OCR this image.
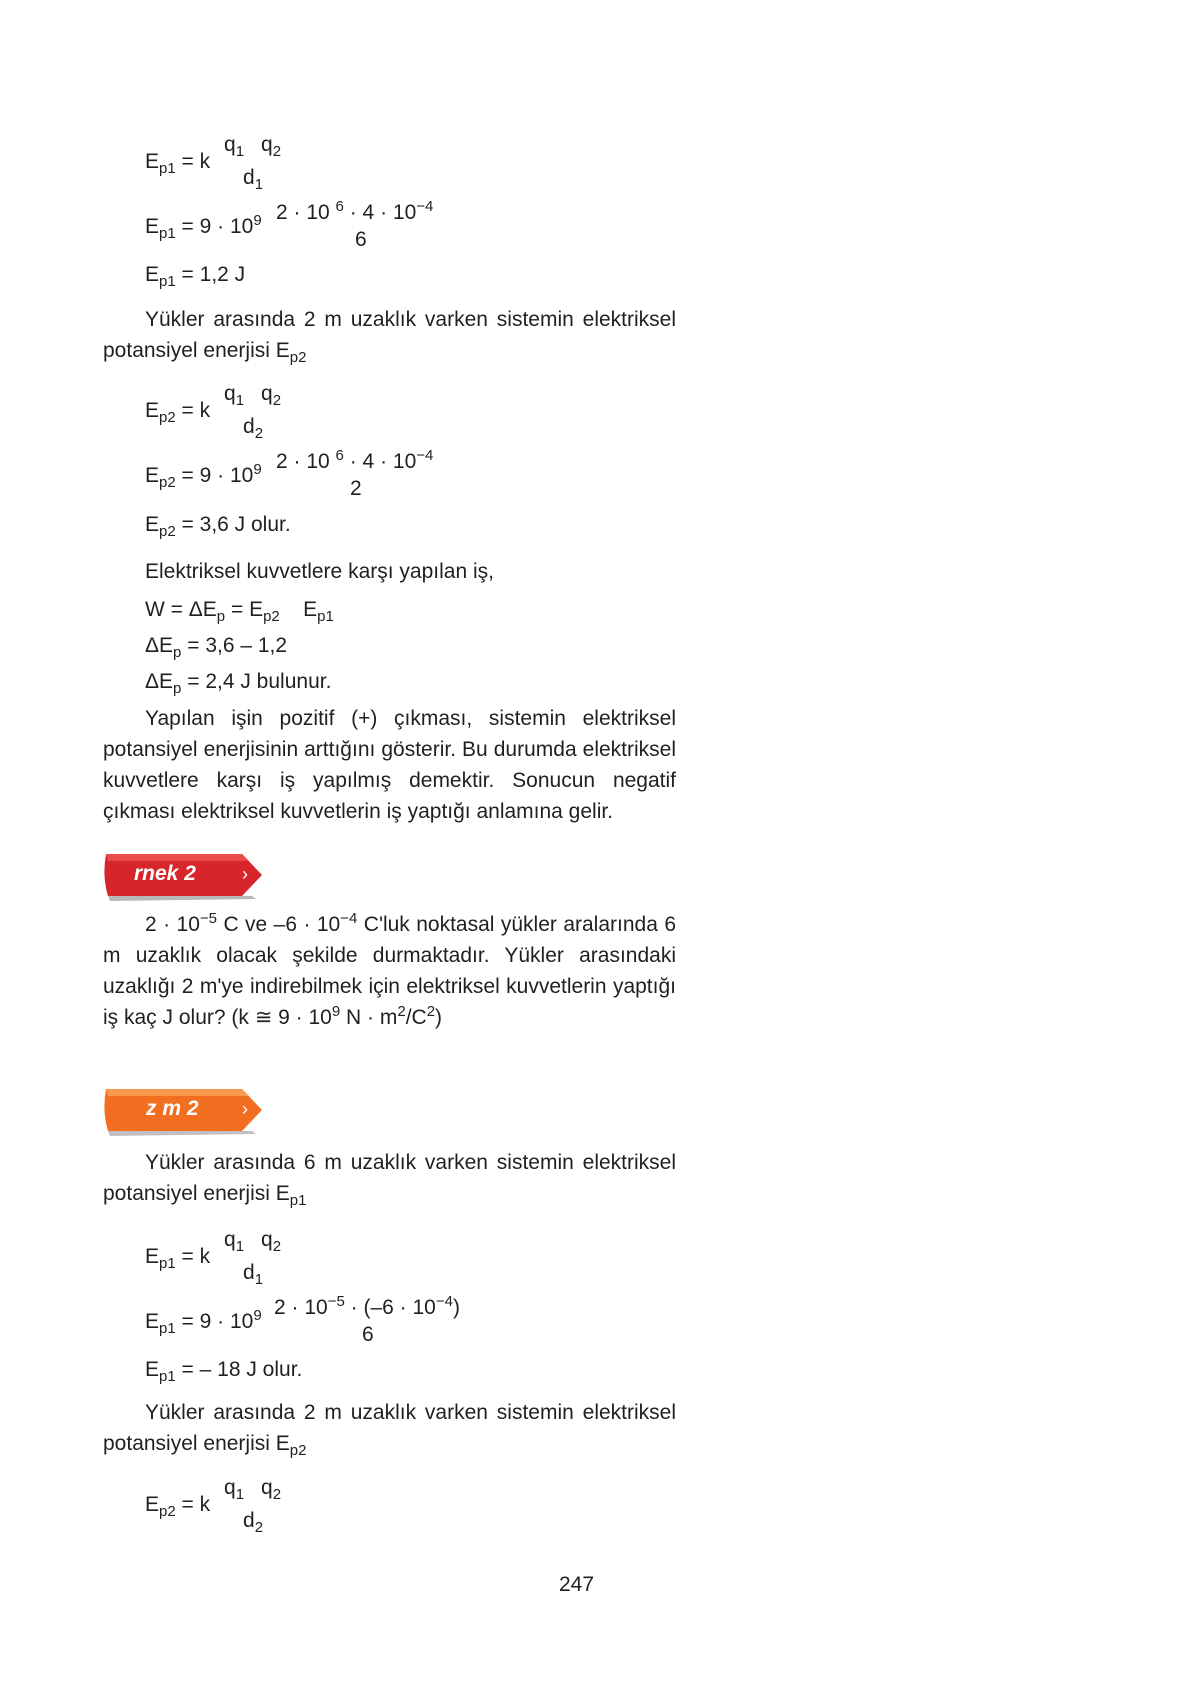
$E_{p1} = k$
$q_1$ $q_2$
$d_1$
$E_{p1} = 9 \cdot 10^9$ 2 · 10 $^6 \cdot 4 \cdot 10^{-4}$
6
$E_{p1} = 1,2$ J
Yükler arasında 2 m uzaklık varken sistemin elektriksel potansiyel enerjisi $E_{p2}$
$E_{p2} = k$
$q_1$ $q_2$
$d_2$
$E_{p2} = 9 \cdot 10^9$ 2 · 10 $^6 \cdot 4 \cdot 10^{-4}$
2
$E_{p2} = 3,6$ J olur.
Elektriksel kuvvetlere karşı yapılan iş,
$W = \Delta E_p = E_{p2}$ $E_{p1}$
$\Delta E_p = 3,6 - 1,2$
$\Delta E_p = 2,4$ J bulunur.
Yapılan işin pozitif (+) çıkması, sistemin elektriksel potansiyel enerjisinin arttığını gösterir. Bu durumda elektriksel kuvvetlere karşı iş yapılmış demektir. Sonucun negatif çıkması elektriksel kuvvetlerin iş yaptığı anlamına gelir.
rnek 2	›
$2 \cdot 10^{-5}$ C ve $-6 \cdot 10^{-4}$ C'luk noktasal yükler aralarında 6 m uzaklık olacak şekilde durmaktadır. Yükler arasındaki uzaklığı 2 m'ye indirebilmek için elektriksel kuvvetlerin yaptığı iş kaç J olur? (k ≅ $9 \cdot 10^9$ $N \cdot m^2/C^2$)
z m 2 ›
Yükler arasında 6 m uzaklık varken sistemin elektriksel potansiyel enerjisi $E_{p1}$
$E_{p1} = k$
$q_1$ $q_2$
$d_1$
$E_{p1} = 9 \cdot 10^9$ $2 \cdot 10^{-5} \cdot (-6 \cdot 10^{-4})$
6
$E_{p1}$ = – 18 J olur.
Yükler arasında 2 m uzaklık varken sistemin elektriksel potansiyel enerjisi $E_{p2}$
$E_{p2} = k$
$q_1$ $q_2$
$d_2$
247
